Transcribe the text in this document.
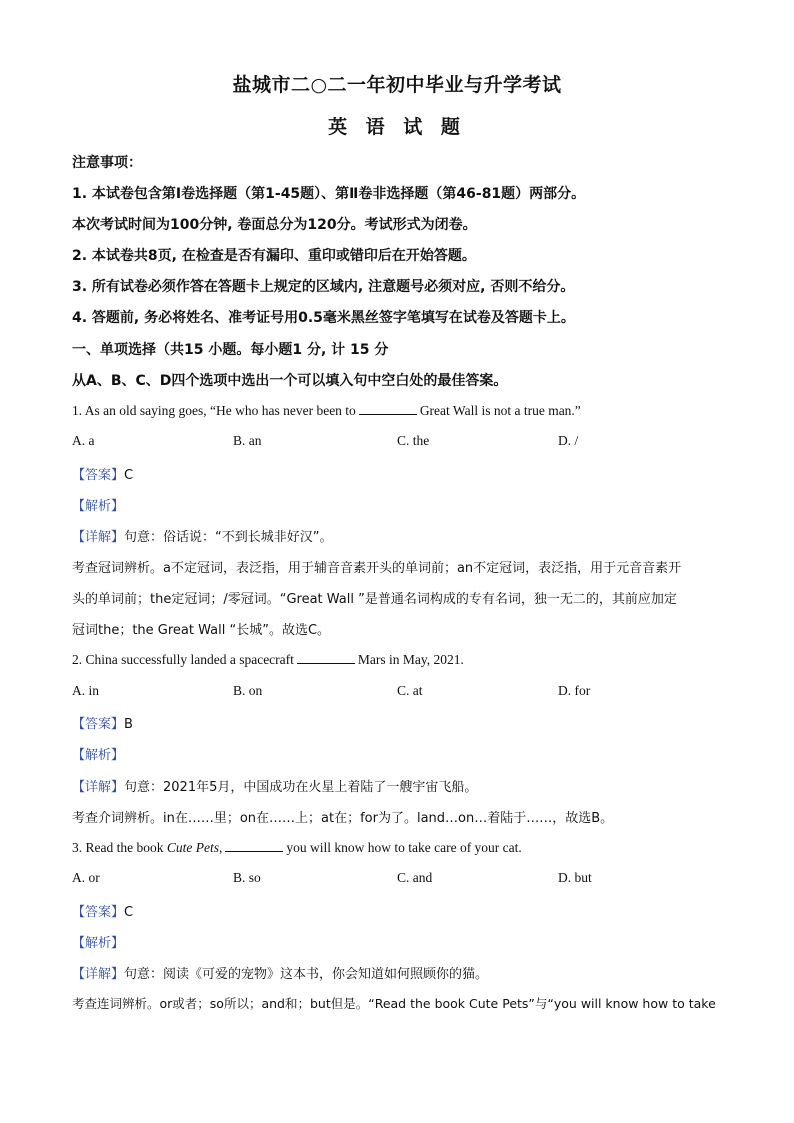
盐城市二○二一年初中毕业与升学考试
英 语 试 题
注意事项：
1. 本试卷包含第Ⅰ卷选择题（第1-45题）、第Ⅱ卷非选择题（第46-81题）两部分。
本次考试时间为100分钟, 卷面总分为120分。考试形式为闭卷。
2. 本试卷共8页, 在检查是否有漏印、重印或错印后在开始答题。
3. 所有试卷必须作答在答题卡上规定的区域内, 注意题号必须对应, 否则不给分。
4. 答题前, 务必将姓名、准考证号用0.5毫米黑丝签字笔填写在试卷及答题卡上。
一、单项选择（共15 小题。每小题1 分, 计 15 分
从A、B、C、D四个选项中选出一个可以填入句中空白处的最佳答案。
1. As an old saying goes, “He who has never been to	Great Wall is not a true man.”
A. a	B. an	C. the	D. /
【答案】C
【解析】
【详解】句意：俗话说：“不到长城非好汉”。
考查冠词辨析。a不定冠词，表泛指，用于辅音音素开头的单词前；an不定冠词，表泛指，用于元音音素开
头的单词前；the定冠词；/零冠词。“Great Wall ”是普通名词构成的专有名词，独一无二的，其前应加定
冠词the；the Great Wall “长城”。故选C。
2. China successfully landed a spacecraft	Mars in May, 2021.
A. in	B. on	C. at	D. for
【答案】B
【解析】
【详解】句意：2021年5月，中国成功在火星上着陆了一艘宇宙飞船。
考查介词辨析。in在……里；on在……上；at在；for为了。land…on…着陆于……，故选B。
3. Read the book Cute Pets,	you will know how to take care of your cat.
A. or	B. so	C. and	D. but
【答案】C
【解析】
【详解】句意：阅读《可爱的宠物》这本书，你会知道如何照顾你的猫。
考查连词辨析。or或者；so所以；and和；but但是。“Read the book Cute Pets”与“you will know how to take
